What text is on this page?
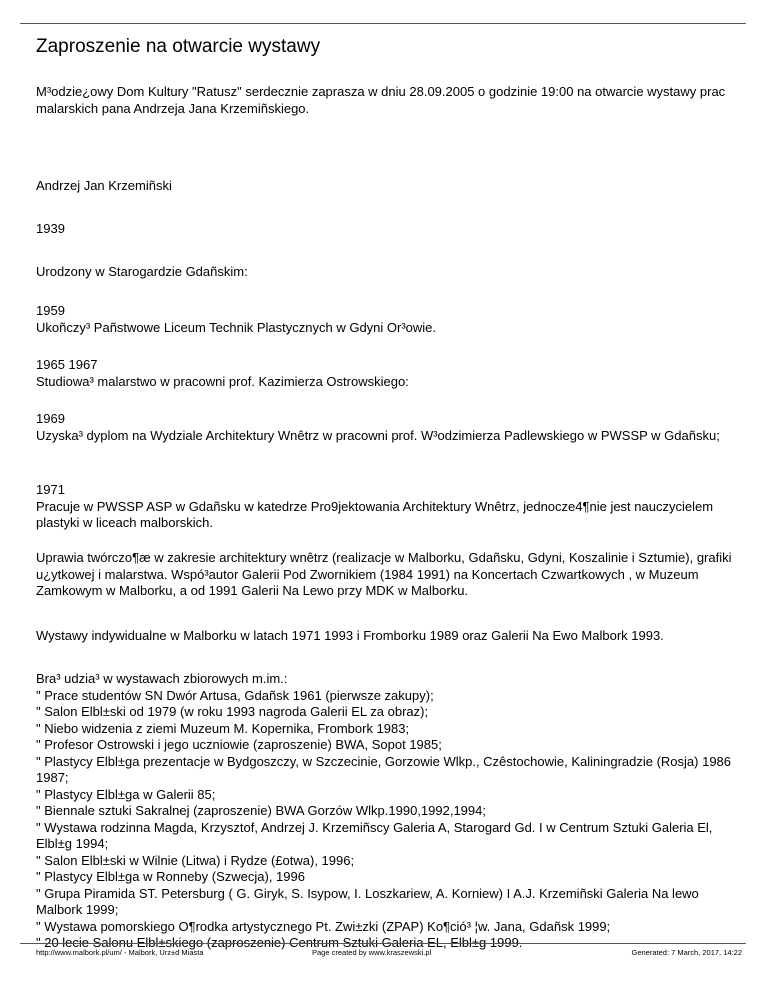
Zaproszenie na otwarcie wystawy
M³odzie¿owy Dom Kultury "Ratusz" serdecznie zaprasza w dniu 28.09.2005 o godzinie 19:00 na otwarcie wystawy prac malarskich pana Andrzeja Jana Krzemiñskiego.
Andrzej Jan Krzemiñski
1939
Urodzony w Starogardzie Gdañskim:

1959

Ukoñczy³ Pañstwowe Liceum Technik Plastycznych w Gdyni Or³owie.

1965 1967

Studiowa³ malarstwo w pracowni prof. Kazimierza Ostrowskiego:

1969

Uzyska³ dyplom na Wydziale Architektury Wnêtrz w pracowni prof. W³odzimierza Padlewskiego w PWSSP w Gdañsku;

1971

Pracuje w PWSSP ASP w Gdañsku w katedrze Pro9jektowania Architektury Wnêtrz, jednocze4¶nie jest nauczycielem plastyki w liceach malborskich.

Uprawia twórczo¶æ w zakresie architektury wnêtrz (realizacje w Malborku, Gdañsku, Gdyni, Koszalinie i Sztumie), grafiki u¿ytkowej i malarstwa. Wspó³autor Galerii Pod Zwornikiem (1984 1991) na Koncertach Czwartkowych , w Muzeum Zamkowym w Malborku, a od 1991 Galerii Na Lewo przy MDK w Malborku.
Wystawy indywidualne w Malborku w latach 1971 1993 i Fromborku 1989 oraz Galerii Na Ewo Malbork 1993.

Bra³ udzia³ w wystawach zbiorowych m.im.:

" Prace studentów SN Dwór Artusa, Gdañsk 1961 (pierwsze zakupy);

" Salon Elbl±ski od 1979 (w roku 1993 nagroda Galerii EL za obraz);

" Niebo widzenia z ziemi Muzeum M. Kopernika, Frombork 1983;

" Profesor Ostrowski i jego uczniowie (zaproszenie) BWA, Sopot 1985;

" Plastycy Elbl±ga prezentacje w Bydgoszczy, w Szczecinie, Gorzowie Wlkp., Czêstochowie, Kaliningradzie (Rosja) 1986 1987;

" Plastycy Elbl±ga w Galerii 85;

" Biennale sztuki Sakralnej (zaproszenie) BWA Gorzów Wlkp.1990,1992,1994;

" Wystawa rodzinna Magda, Krzysztof, Andrzej J. Krzemiñscy Galeria A, Starogard Gd. I w Centrum Sztuki Galeria El, Elbl±g 1994;

" Salon Elbl±ski w Wilnie (Litwa) i Rydze (£otwa), 1996;

" Plastycy Elbl±ga w Ronneby (Szwecja), 1996

" Grupa Piramida ST. Petersburg ( G. Giryk, S. Isypow, I. Loszkariew, A. Korniew) I A.J. Krzemiñski Galeria Na lewo Malbork 1999;

" Wystawa pomorskiego O¶rodka artystycznego Pt. Zwi±zki (ZPAP) Ko¶ció³ ¦w. Jana, Gdañsk 1999;

" 20 lecie Salonu Elbl±skiego (zaproszenie) Centrum Sztuki Galeria EL, Elbl±g 1999.

http://www.malbork.pl/um/ - Malbork, Urz±d Miasta	Page created by www.kraszewski.pl	Generated: 7 March, 2017, 14:22
